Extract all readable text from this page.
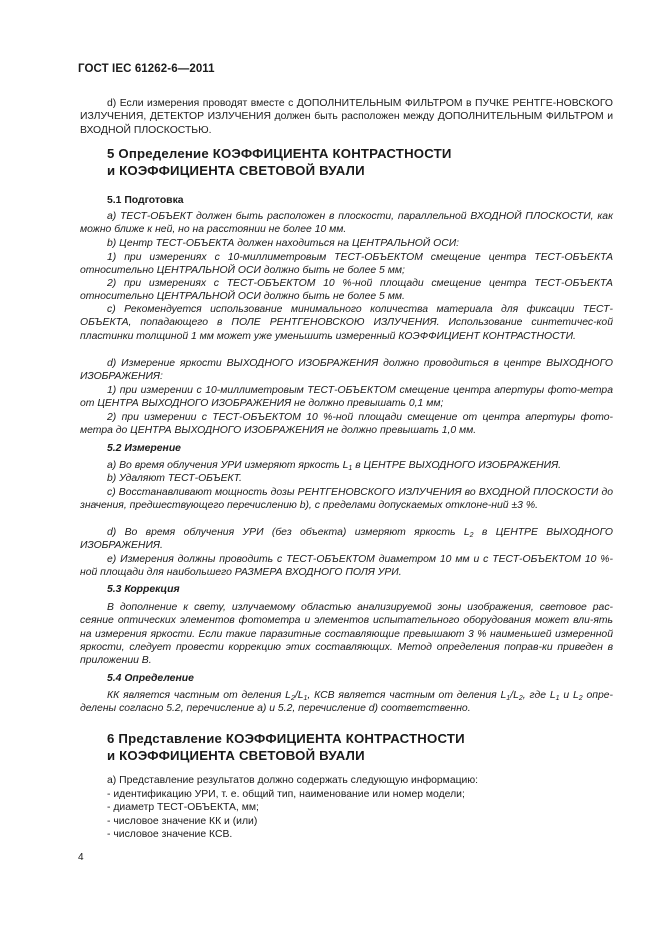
ГОСТ IEC 61262-6—2011
d) Если измерения проводят вместе с ДОПОЛНИТЕЛЬНЫМ ФИЛЬТРОМ в ПУЧКЕ РЕНТГЕ-НОВСКОГО ИЗЛУЧЕНИЯ, ДЕТЕКТОР ИЗЛУЧЕНИЯ должен быть расположен между ДОПОЛНИТЕЛЬНЫМ ФИЛЬТРОМ и ВХОДНОЙ ПЛОСКОСТЬЮ.
5 Определение КОЭФФИЦИЕНТА КОНТРАСТНОСТИ
и КОЭФФИЦИЕНТА СВЕТОВОЙ ВУАЛИ
5.1 Подготовка
а) ТЕСТ-ОБЪЕКТ должен быть расположен в плоскости, параллельной ВХОДНОЙ ПЛОСКОСТИ, как можно ближе к ней, но на расстоянии не более 10 мм.
b) Центр ТЕСТ-ОБЪЕКТА должен находиться на ЦЕНТРАЛЬНОЙ ОСИ:
1) при измерениях с 10-миллиметровым ТЕСТ-ОБЪЕКТОМ смещение центра ТЕСТ-ОБЪЕКТА относительно ЦЕНТРАЛЬНОЙ ОСИ должно быть не более 5 мм;
2) при измерениях с ТЕСТ-ОБЪЕКТОМ 10 %-ной площади смещение центра ТЕСТ-ОБЪЕКТА относительно ЦЕНТРАЛЬНОЙ ОСИ должно быть не более 5 мм.
с) Рекомендуется использование минимального количества материала для фиксации ТЕСТ-ОБЪЕКТА, попадающего в ПОЛЕ РЕНТГЕНОВСКОЮ ИЗЛУЧЕНИЯ. Использование синтетичес-кой пластинки толщиной 1 мм может уже уменьшить измеренный КОЭФФИЦИЕНТ КОНТРАСТНОСТИ.
d) Измерение яркости ВЫХОДНОГО ИЗОБРАЖЕНИЯ должно проводиться в центре ВЫХОДНОГО ИЗОБРАЖЕНИЯ:
1) при измерении с 10-миллиметровым ТЕСТ-ОБЪЕКТОМ смещение центра апертуры фото-метра от ЦЕНТРА ВЫХОДНОГО ИЗОБРАЖЕНИЯ не должно превышать 0,1 мм;
2) при измерении с ТЕСТ-ОБЪЕКТОМ 10 %-ной площади смещение от центра апертуры фото-метра до ЦЕНТРА ВЫХОДНОГО ИЗОБРАЖЕНИЯ не должно превышать 1,0 мм.
5.2 Измерение
а) Во время облучения УРИ измеряют яркость $L_1$ в ЦЕНТРЕ ВЫХОДНОГО ИЗОБРАЖЕНИЯ.
b) Удаляют ТЕСТ-ОБЪЕКТ.
с) Восстанавливают мощность дозы РЕНТГЕНОВСКОГО ИЗЛУЧЕНИЯ во ВХОДНОЙ ПЛОСКОСТИ до значения, предшествующего перечислению b), с пределами допускаемых отклоне-ний ±3 %.
d) Во время облучения УРИ (без объекта) измеряют яркость $L_2$ в ЦЕНТРЕ ВЫХОДНОГО ИЗОБРАЖЕНИЯ.
е) Измерения должны проводить с ТЕСТ-ОБЪЕКТОМ диаметром 10 мм и с ТЕСТ-ОБЪЕКТОМ 10 %-ной площади для наибольшего РАЗМЕРА ВХОДНОГО ПОЛЯ УРИ.
5.3 Коррекция
В дополнение к свету, излучаемому областью анализируемой зоны изображения, световое рас-сеяние оптических элементов фотометра и элементов испытательного оборудования может вли-ять на измерения яркости. Если такие паразитные составляющие превышают 3 % наименьшей измеренной яркости, следует провести коррекцию этих составляющих. Метод определения поправ-ки приведен в приложении В.
5.4 Определение
КК является частным от деления $L_2/L_1$, КСВ является частным от деления $L_1/L_2$, где $L_1$ и $L_2$ опре-делены согласно 5.2, перечисление а) и 5.2, перечисление d) соответственно.
6 Представление КОЭФФИЦИЕНТА КОНТРАСТНОСТИ
и КОЭФФИЦИЕНТА СВЕТОВОЙ ВУАЛИ
а) Представление результатов должно содержать следующую информацию:
- идентификацию УРИ, т. е. общий тип, наименование или номер модели;
- диаметр ТЕСТ-ОБЪЕКТА, мм;
- числовое значение КК и (или)
- числовое значение КСВ.
4
